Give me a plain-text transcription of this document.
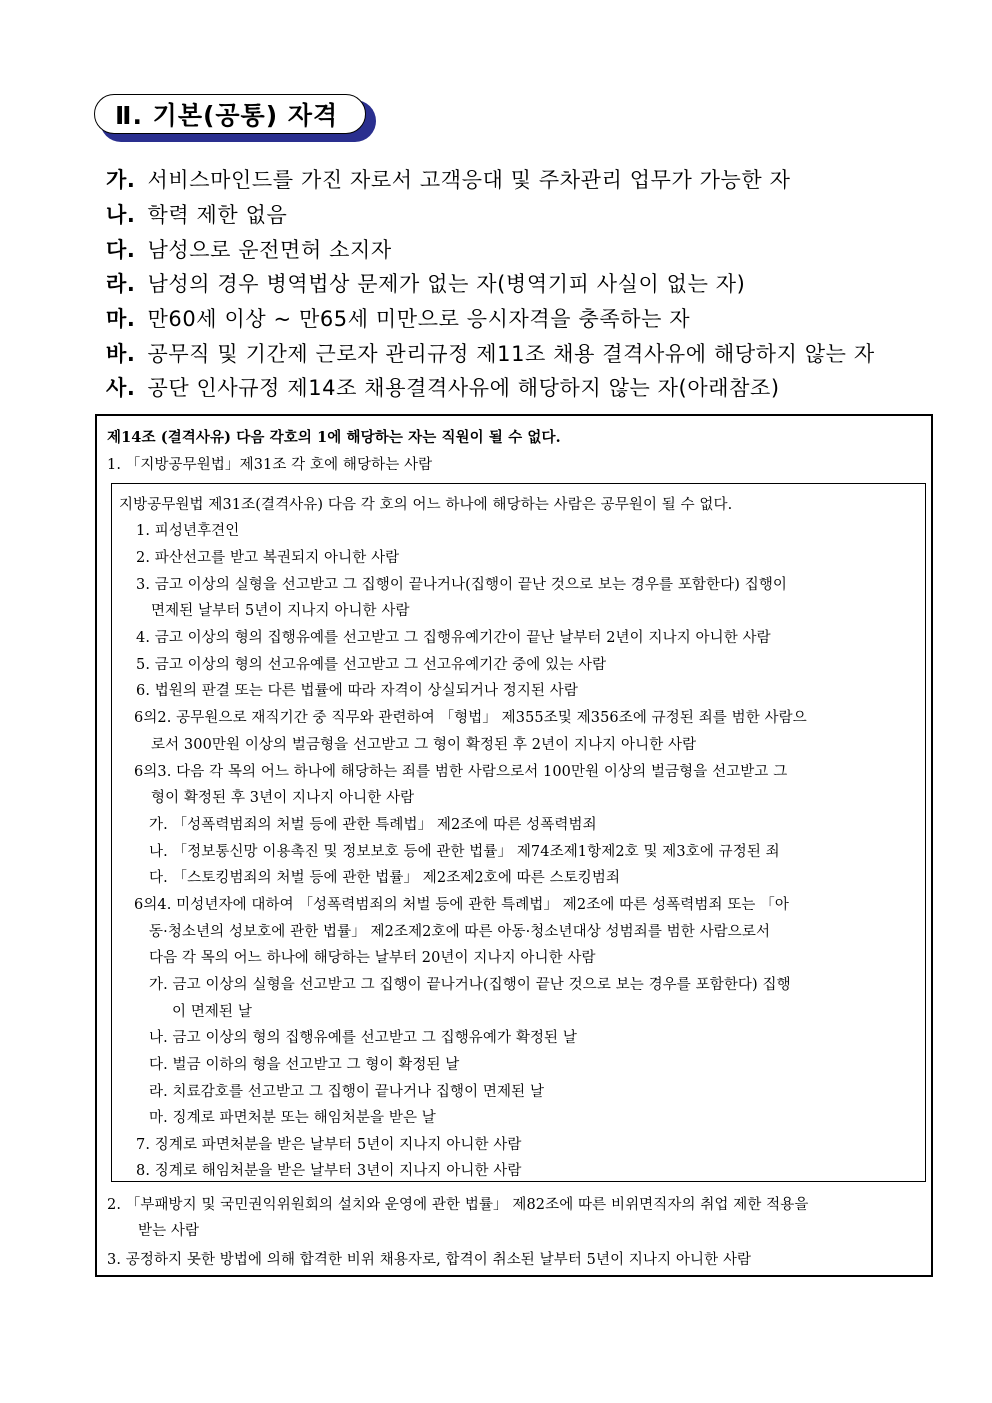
Ⅱ. 기본(공통) 자격
가. 서비스마인드를 가진 자로서 고객응대 및 주차관리 업무가 가능한 자
나. 학력 제한 없음
다. 남성으로 운전면허 소지자
라. 남성의 경우 병역법상 문제가 없는 자(병역기피 사실이 없는 자)
마. 만60세 이상 ~ 만65세 미만으로 응시자격을 충족하는 자
바. 공무직 및 기간제 근로자 관리규정 제11조 채용 결격사유에 해당하지 않는 자
사. 공단 인사규정 제14조 채용결격사유에 해당하지 않는 자(아래참조)
제14조 (결격사유) 다음 각호의 1에 해당하는 자는 직원이 될 수 없다.
1. 「지방공무원법」제31조 각 호에 해당하는 사람
지방공무원법 제31조(결격사유) 다음 각 호의 어느 하나에 해당하는 사람은 공무원이 될 수 없다.
1. 피성년후견인
2. 파산선고를 받고 복권되지 아니한 사람
3. 금고 이상의 실형을 선고받고 그 집행이 끝나거나(집행이 끝난 것으로 보는 경우를 포함한다) 집행이
면제된 날부터 5년이 지나지 아니한 사람
4. 금고 이상의 형의 집행유예를 선고받고 그 집행유예기간이 끝난 날부터 2년이 지나지 아니한 사람
5. 금고 이상의 형의 선고유예를 선고받고 그 선고유예기간 중에 있는 사람
6. 법원의 판결 또는 다른 법률에 따라 자격이 상실되거나 정지된 사람
6의2. 공무원으로 재직기간 중 직무와 관련하여 「형법」 제355조및 제356조에 규정된 죄를 범한 사람으
로서 300만원 이상의 벌금형을 선고받고 그 형이 확정된 후 2년이 지나지 아니한 사람
6의3. 다음 각 목의 어느 하나에 해당하는 죄를 범한 사람으로서 100만원 이상의 벌금형을 선고받고 그
형이 확정된 후 3년이 지나지 아니한 사람
가. 「성폭력범죄의 처벌 등에 관한 특례법」 제2조에 따른 성폭력범죄
나. 「정보통신망 이용촉진 및 정보보호 등에 관한 법률」 제74조제1항제2호 및 제3호에 규정된 죄
다. 「스토킹범죄의 처벌 등에 관한 법률」 제2조제2호에 따른 스토킹범죄
6의4. 미성년자에 대하여 「성폭력범죄의 처벌 등에 관한 특례법」 제2조에 따른 성폭력범죄 또는 「아
동·청소년의 성보호에 관한 법률」 제2조제2호에 따른 아동·청소년대상 성범죄를 범한 사람으로서
다음 각 목의 어느 하나에 해당하는 날부터 20년이 지나지 아니한 사람
가. 금고 이상의 실형을 선고받고 그 집행이 끝나거나(집행이 끝난 것으로 보는 경우를 포함한다) 집행
이 면제된 날
나. 금고 이상의 형의 집행유예를 선고받고 그 집행유예가 확정된 날
다. 벌금 이하의 형을 선고받고 그 형이 확정된 날
라. 치료감호를 선고받고 그 집행이 끝나거나 집행이 면제된 날
마. 징계로 파면처분 또는 해임처분을 받은 날
7. 징계로 파면처분을 받은 날부터 5년이 지나지 아니한 사람
8. 징계로 해임처분을 받은 날부터 3년이 지나지 아니한 사람
2. 「부패방지 및 국민권익위원회의 설치와 운영에 관한 법률」 제82조에 따른 비위면직자의 취업 제한 적용을
받는 사람
3. 공정하지 못한 방법에 의해 합격한 비위 채용자로, 합격이 취소된 날부터 5년이 지나지 아니한 사람
